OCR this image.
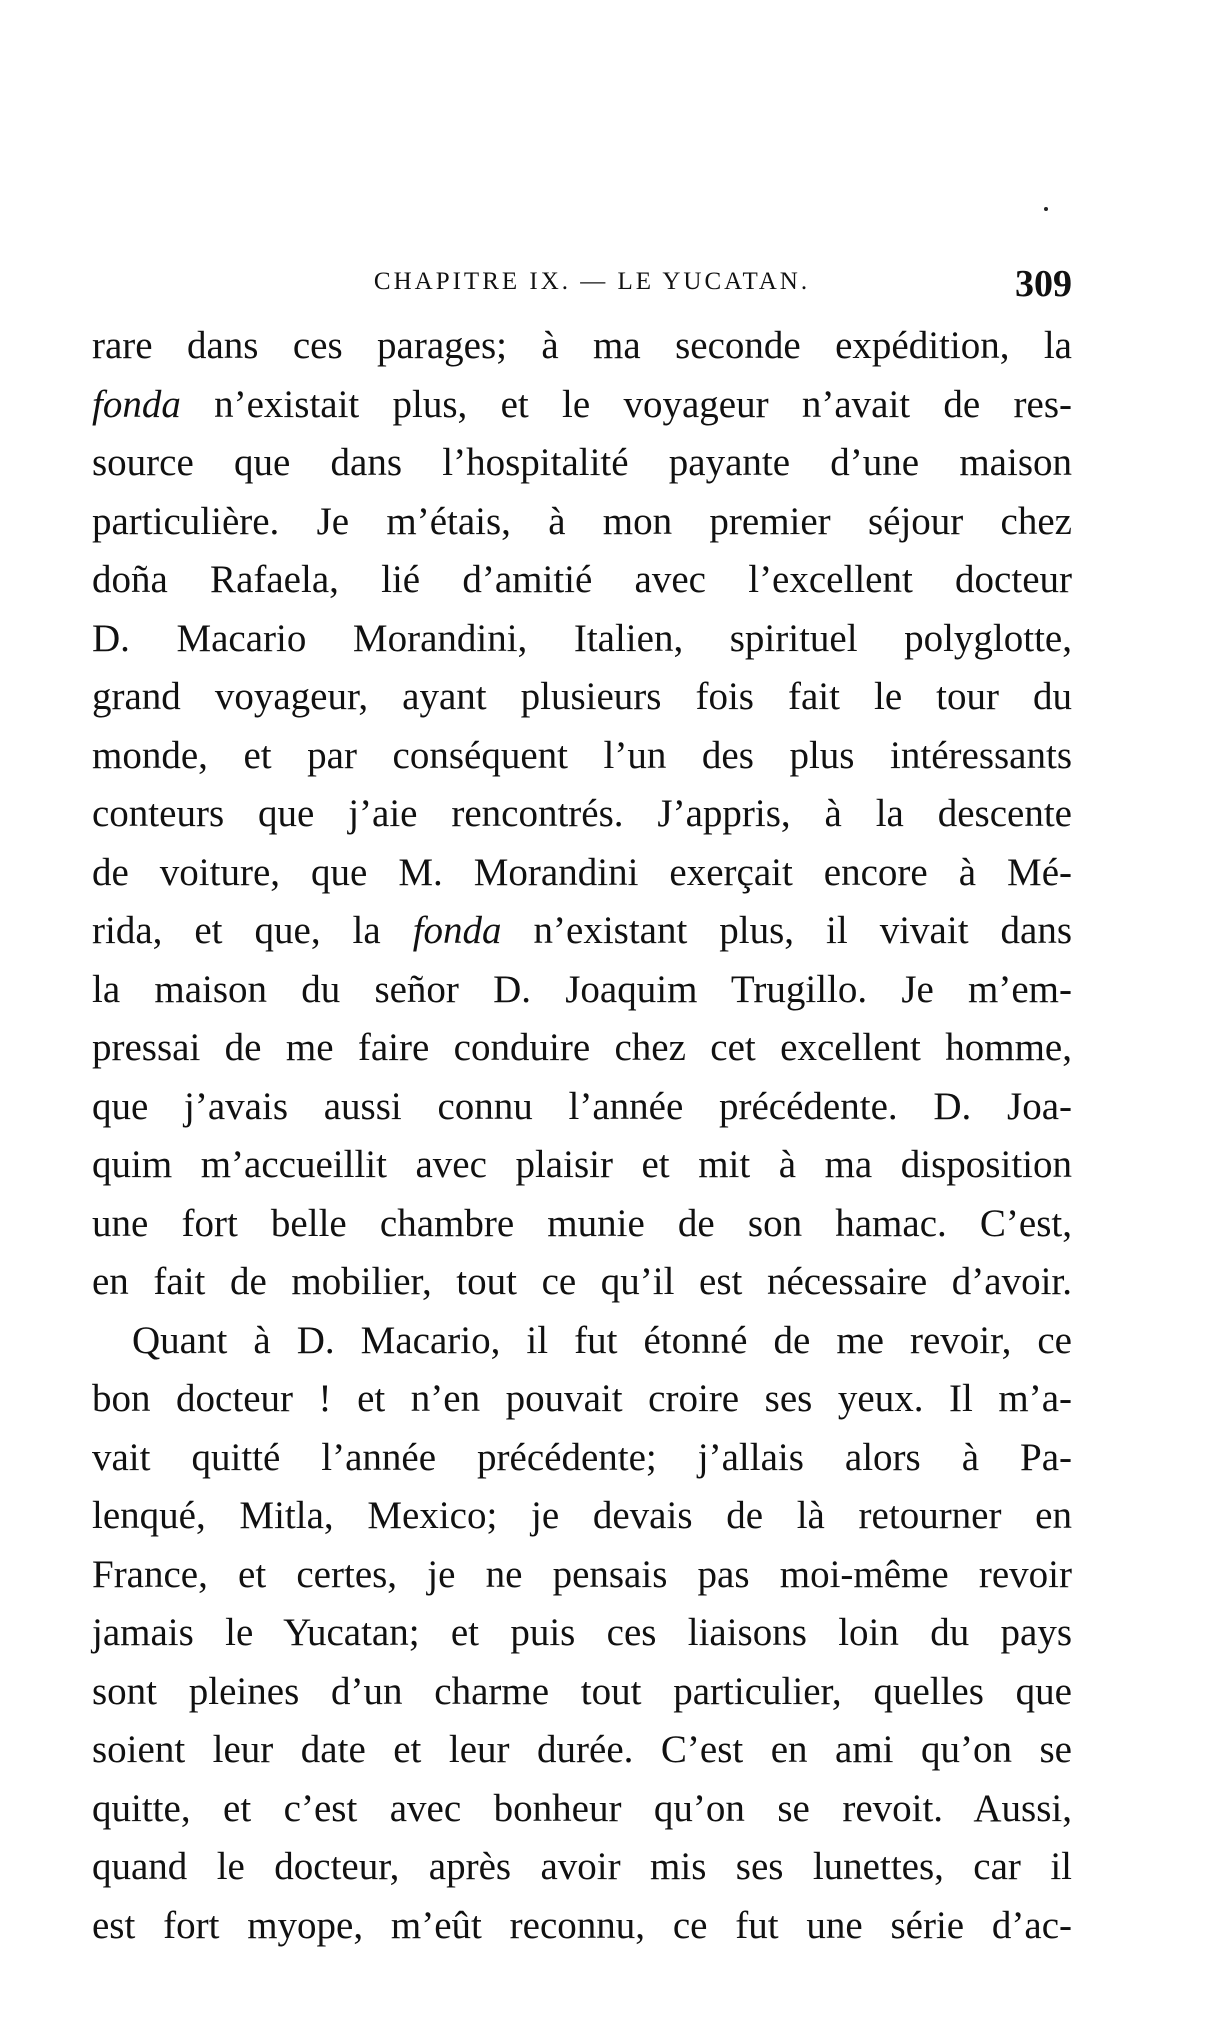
CHAPITRE IX. — LE YUCATAN.	309
rare dans ces parages; à ma seconde expédition, la
fonda n’existait plus, et le voyageur n’avait de res-
source que dans l’hospitalité payante d’une maison
particulière. Je m’étais, à mon premier séjour chez
doña Rafaela, lié d’amitié avec l’excellent docteur
D. Macario Morandini, Italien, spirituel polyglotte,
grand voyageur, ayant plusieurs fois fait le tour du
monde, et par conséquent l’un des plus intéressants
conteurs que j’aie rencontrés. J’appris, à la descente
de voiture, que M. Morandini exerçait encore à Mé-
rida, et que, la fonda n’existant plus, il vivait dans
la maison du señor D. Joaquim Trugillo. Je m’em-
pressai de me faire conduire chez cet excellent homme,
que j’avais aussi connu l’année précédente. D. Joa-
quim m’accueillit avec plaisir et mit à ma disposition
une fort belle chambre munie de son hamac. C’est,
en fait de mobilier, tout ce qu’il est nécessaire d’avoir.
Quant à D. Macario, il fut étonné de me revoir, ce
bon docteur ! et n’en pouvait croire ses yeux. Il m’a-
vait quitté l’année précédente; j’allais alors à Pa-
lenqué, Mitla, Mexico; je devais de là retourner en
France, et certes, je ne pensais pas moi-même revoir
jamais le Yucatan; et puis ces liaisons loin du pays
sont pleines d’un charme tout particulier, quelles que
soient leur date et leur durée. C’est en ami qu’on se
quitte, et c’est avec bonheur qu’on se revoit. Aussi,
quand le docteur, après avoir mis ses lunettes, car il
est fort myope, m’eût reconnu, ce fut une série d’ac-
